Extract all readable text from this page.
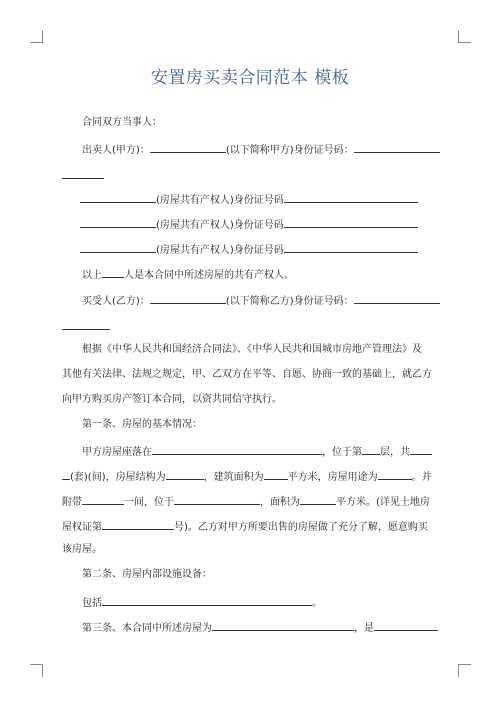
安置房买卖合同范本 模板
合同双方当事人：
出卖人(甲方)：	(以下简称甲方)身份证号码：
(房屋共有产权人)身份证号码
(房屋共有产权人)身份证号码
(房屋共有产权人)身份证号码
以上 人是本合同中所述房屋的共有产权人。
买受人(乙方)：	(以下简称乙方)身份证号码：
根据《中华人民共和国经济合同法》、《中华人民共和国城市房地产管理法》及
其他有关法律、法规之规定，甲、乙双方在平等、自愿、协商一致的基础上，就乙方
向甲方购买房产签订本合同，以资共同信守执行。
第一条、房屋的基本情况：
甲方房屋座落在	，位于第 层，共
(套)(间)，房屋结构为	，建筑面积为 平方米，房屋用途为	。并
附带	一间，位于	，面积为	平方米。(详见土地房
屋权证第	号)。乙方对甲方所要出售的房屋做了充分了解，愿意购买
该房屋。
第二条、房屋内部设施设备：
包括	。
第三条、本合同中所述房屋为	，是
